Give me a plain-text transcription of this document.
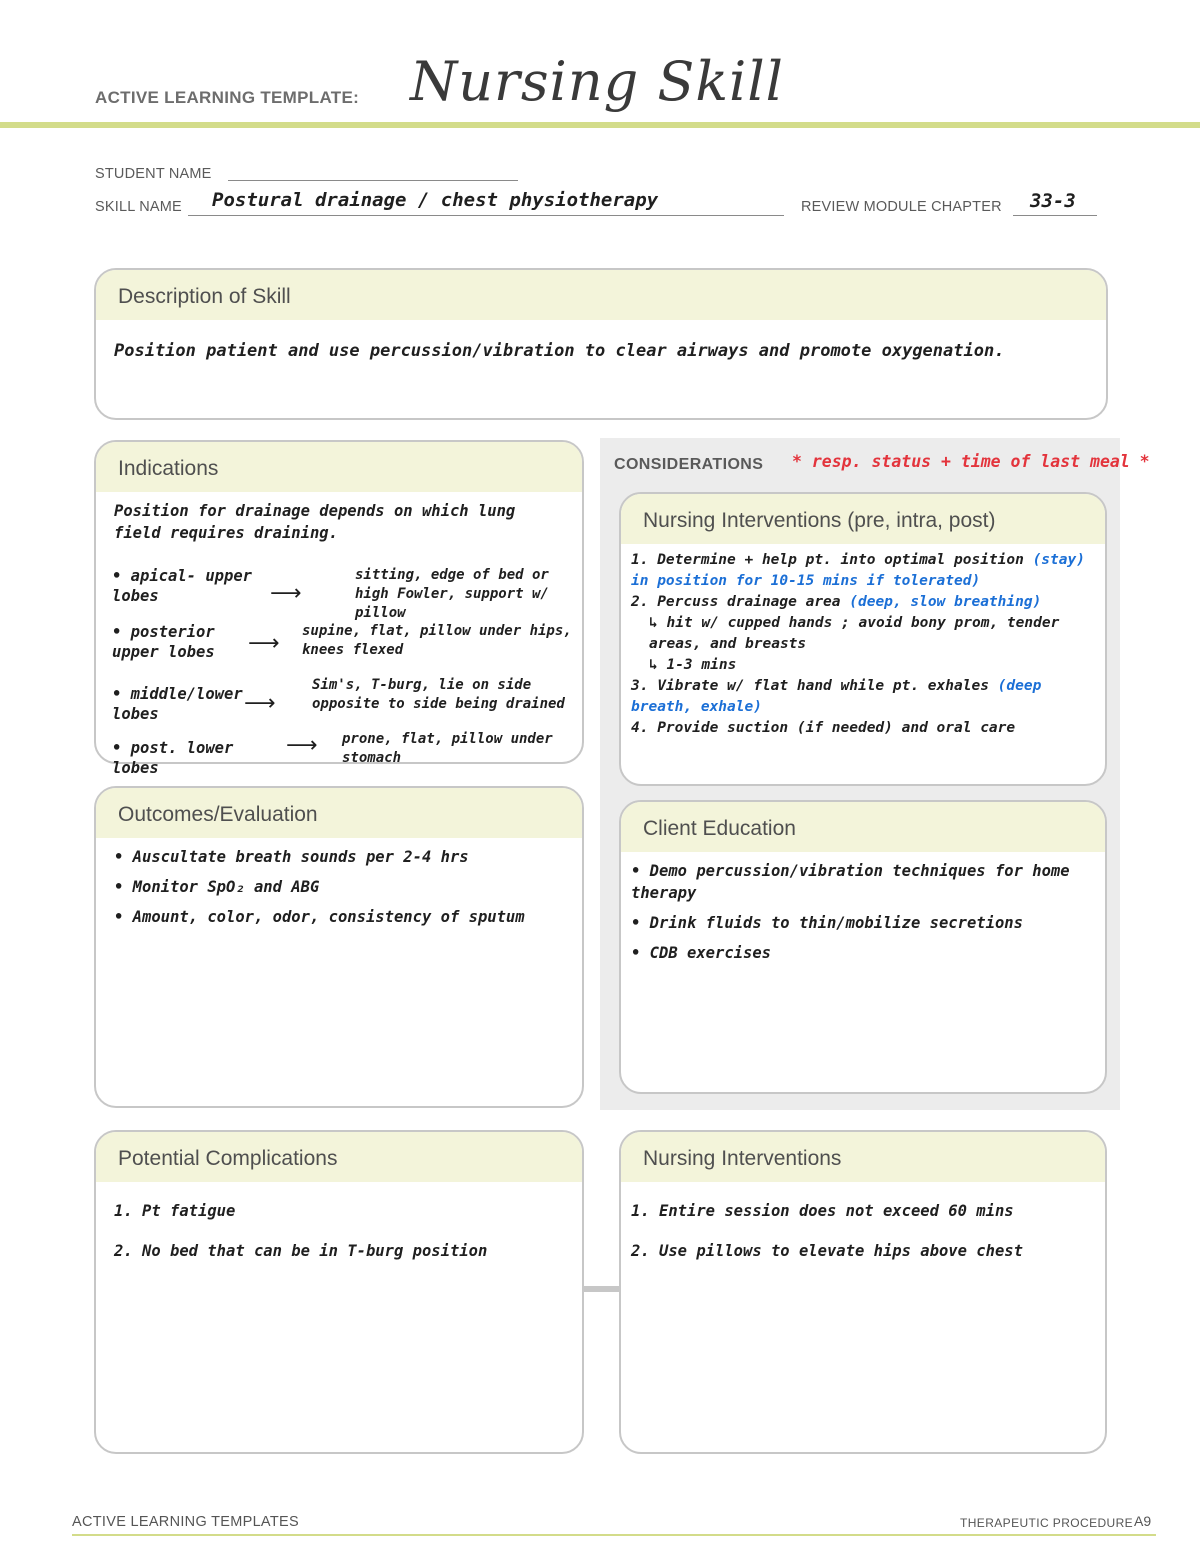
ACTIVE LEARNING TEMPLATE: Nursing Skill
STUDENT NAME
SKILL NAME Postural drainage / chest physiotherapy	REVIEW MODULE CHAPTER 33-3
Description of Skill
Position patient and use percussion/vibration to clear airways and promote oxygenation.
Indications
Position for drainage depends on which lung field requires draining.
• apical- upper lobes	⟶
sitting, edge of bed or high Fowler, support w/ pillow
• posterior upper lobes	⟶ supine, flat, pillow under hips, knees flexed
• middle/lower lobes	⟶
Sim's, T-burg, lie on side opposite to side being drained
• post. lower lobes
⟶ prone, flat, pillow under stomach
Outcomes/Evaluation
• Auscultate breath sounds per 2-4 hrs
• Monitor SpO₂ and ABG
• Amount, color, odor, consistency of sputum
CONSIDERATIONS * resp. status + time of last meal *
Nursing Interventions (pre, intra, post)
1. Determine + help pt. into optimal position (stay) in position for 10-15 mins if tolerated)
2. Percuss drainage area (deep, slow breathing)
↳ hit w/ cupped hands ; avoid bony prom, tender areas, and breasts
↳ 1-3 mins
3. Vibrate w/ flat hand while pt. exhales (deep breath, exhale)
4. Provide suction (if needed) and oral care
Client Education
• Demo percussion/vibration techniques for home therapy
• Drink fluids to thin/mobilize secretions
• CDB exercises
Potential Complications
1. Pt fatigue
2. No bed that can be in T-burg position
Nursing Interventions
1. Entire session does not exceed 60 mins
2. Use pillows to elevate hips above chest
ACTIVE LEARNING TEMPLATES	THERAPEUTIC PROCEDURE A9
